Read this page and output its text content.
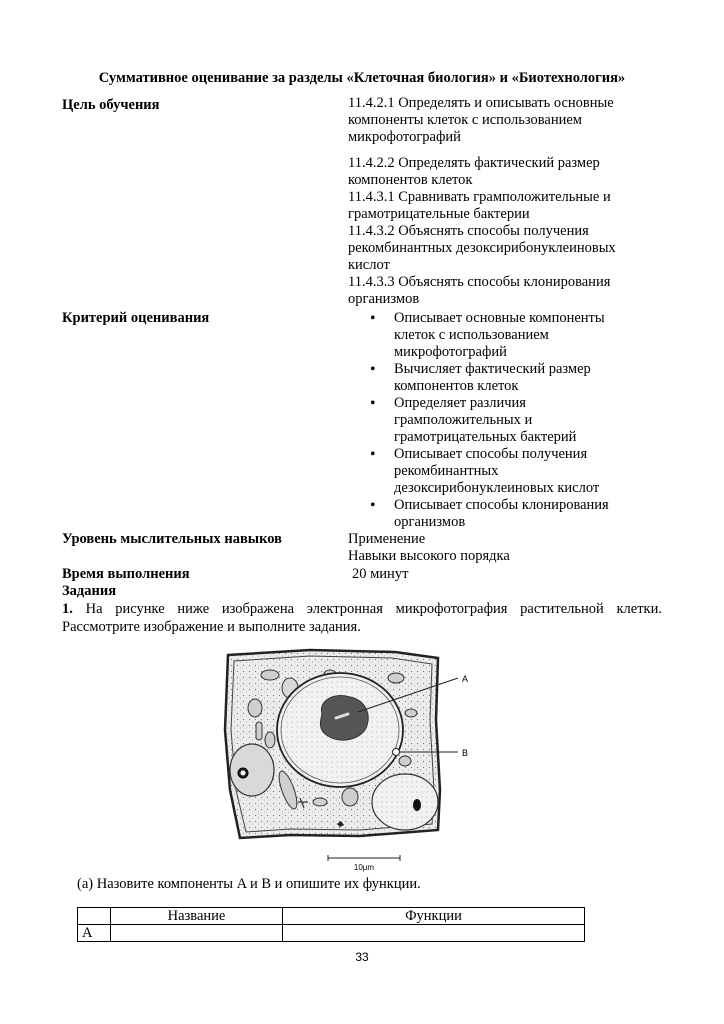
Суммативное оценивание за разделы «Клеточная биология» и «Биотехнология»
Цель обучения	11.4.2.1 Определять и описывать основные компоненты клеток с использованием микрофотографий

11.4.2.2 Определять фактический размер компонентов клеток

11.4.3.1 Сравнивать грамположительные и грамотрицательные бактерии

11.4.3.2 Объяснять способы получения рекомбинантных дезоксирибонуклеиновых кислот

11.4.3.3 Объяснять способы клонирования организмов

Критерий оценивания	• Описывает основные компоненты клеток с использованием микрофотографий
• Вычисляет фактический размер компонентов клеток
• Определяет различия грамположительных и грамотрицательных бактерий
• Описывает способы получения рекомбинантных дезоксирибонуклеиновых кислот
• Описывает способы клонирования организмов
Уровень мыслительных навыков	Применение

Навыки высокого порядка

Время выполнения	20 минут
Задания
1. На рисунке ниже изображена электронная микрофотография растительной клетки. Рассмотрите изображение и выполните задания.
A
B
10µm
(a) Назовите компоненты A и B и опишите их функции.
	Название	Функции
A		
33
